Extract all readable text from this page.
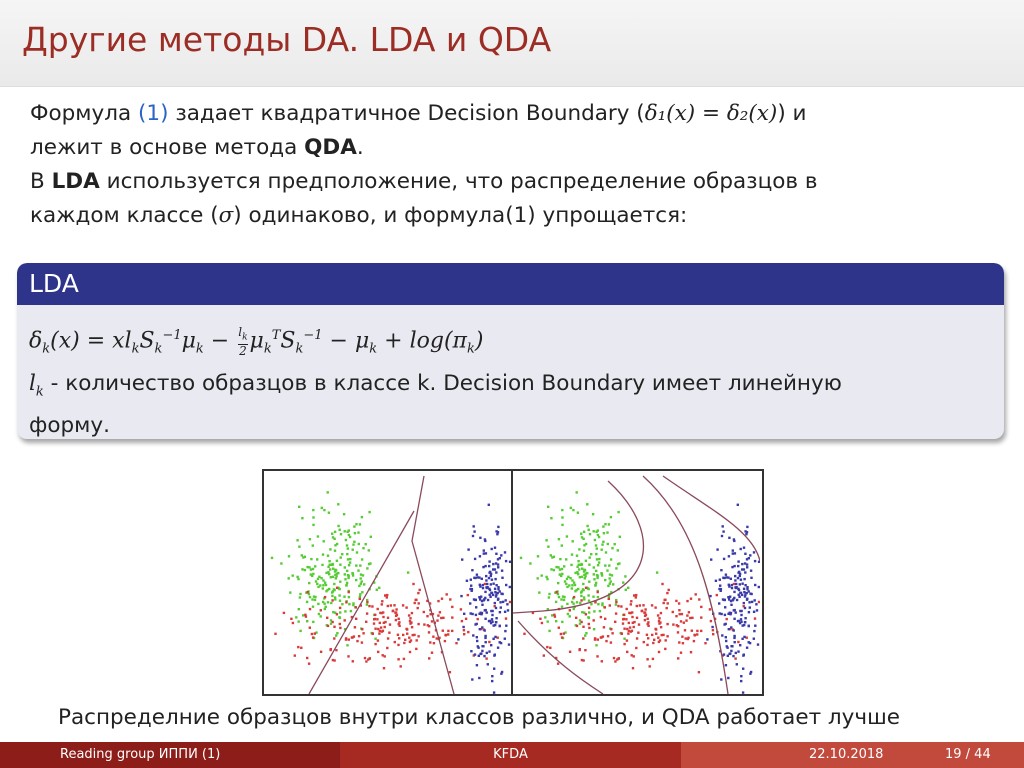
Другие методы DA. LDA и QDA
Формула (1) задает квадратичное Decision Boundary (δ₁(x) = δ₂(x)) и
лежит в основе метода QDA.
В LDA используется предположение, что распределение образцов в
каждом классе (σ) одинаково, и формула(1) упрощается:
LDA
$\delta_k(x) = xl_kS_k^{-1}\mu_k - \frac{l_k}{2} \mu_k^TS_k^{-1} - \mu_k + \log(\pi_k)$
$l_k$ - количество образцов в классе k. Decision Boundary имеет линейную
форму.
Распределние образцов внутри классов различно, и QDA работает лучше
Reading group ИППИ (1)	KFDA	22.10.2018	19 / 44
